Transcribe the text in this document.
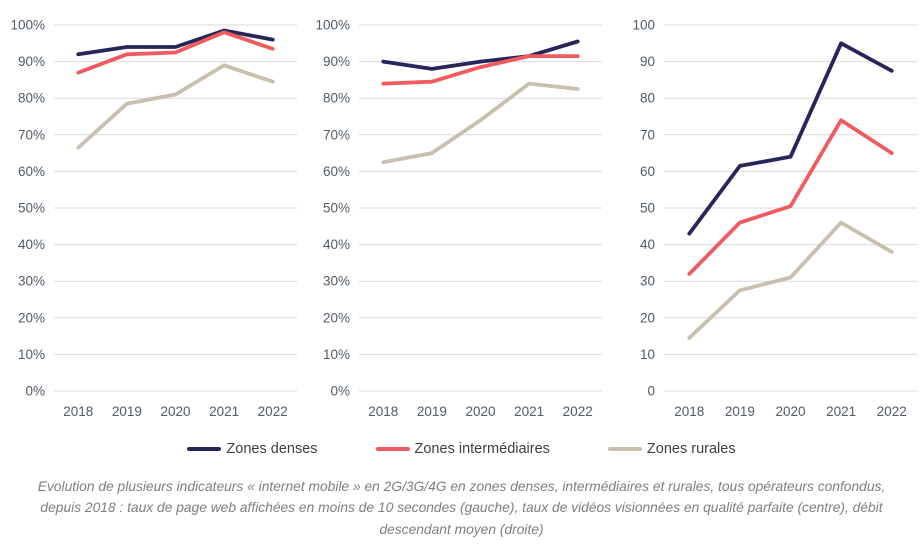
0%
10%
20%
30%
40%
50%
60%
70%
80%
90%
100%
2018 2019 2020 2021 2022
0%
10%
20%
30%
40%
50%
60%
70%
80%
90%
100%
2018 2019 2020 2021 2022
0
10
20
30
40
50
60
70
80
90
100
2018 2019 2020 2021 2022
Zones denses	Zones intermédiaires	Zones rurales

Evolution de plusieurs indicateurs « internet mobile » en 2G/3G/4G en zones denses, intermédiaires et rurales, tous opérateurs confondus, depuis 2018 : taux de page web affichées en moins de 10 secondes (gauche), taux de vidéos visionnées en qualité parfaite (centre), débit descendant moyen (droite)
